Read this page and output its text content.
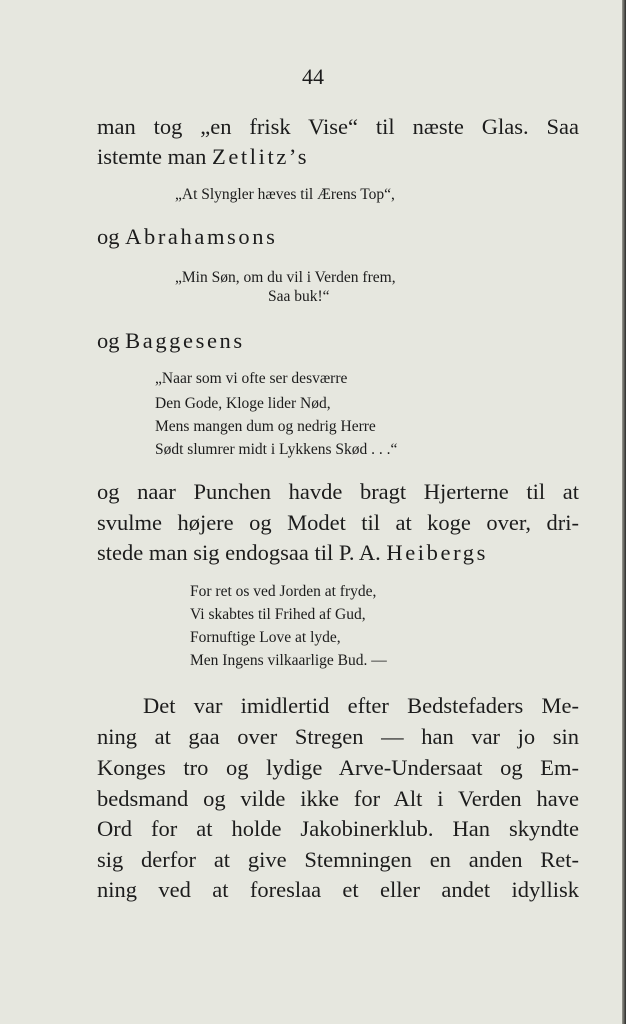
44
man tog „en frisk Vise“ til næste Glas. Saa
istemte man Zetlitz’s
„At Slyngler hæves til Ærens Top“,
og Abrahamsons
„Min Søn, om du vil i Verden frem,
Saa buk!“
og Baggesens
„Naar som vi ofte ser desværre
Den Gode, Kloge lider Nød,
Mens mangen dum og nedrig Herre
Sødt slumrer midt i Lykkens Skød . . .“
og naar Punchen havde bragt Hjerterne til at
svulme højere og Modet til at koge over, dri-
stede man sig endogsaa til P. A. Heibergs
For ret os ved Jorden at fryde,
Vi skabtes til Frihed af Gud,
Fornuftige Love at lyde,
Men Ingens vilkaarlige Bud. —
Det var imidlertid efter Bedstefaders Me-
ning at gaa over Stregen — han var jo sin
Konges tro og lydige Arve-Undersaat og Em-
bedsmand og vilde ikke for Alt i Verden have
Ord for at holde Jakobinerklub. Han skyndte
sig derfor at give Stemningen en anden Ret-
ning ved at foreslaa et eller andet idyllisk
